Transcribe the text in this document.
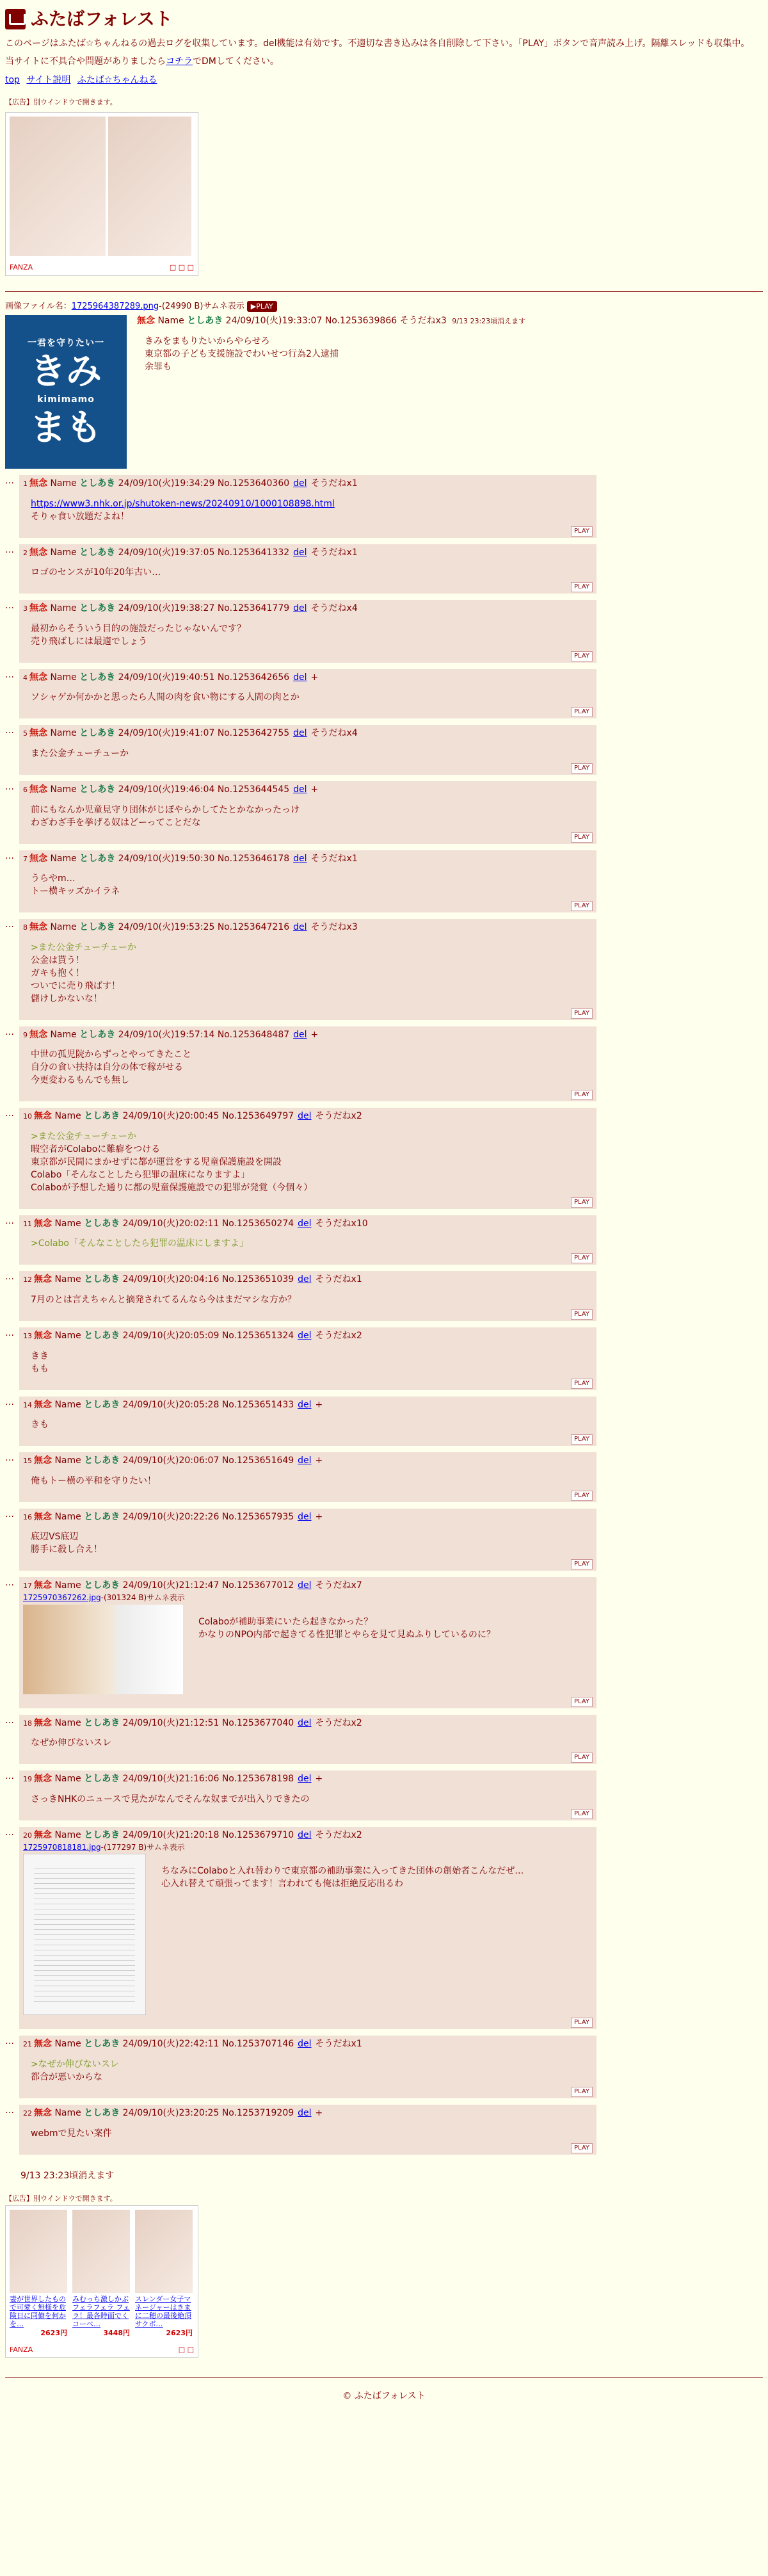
ふたばフォレスト

このページはふたば☆ちゃんねるの過去ログを収集しています。del機能は有効です。不適切な書き込みは各自削除して下さい。「PLAY」ボタンで音声読み上げ。隔離スレッドも収集中。

当サイトに不具合や問題がありましたらコチラでDMしてください。

top サイト説明 ふたば☆ちゃんねる
【広告】別ウインドウで開きます。
FANZA	□ □ □
画像ファイル名：1725964387289.png-(24990 B)サムネ表示 ▶PLAY
一君を守りたい一
きみ
kimimamo
まも
無念 Name としあき 24/09/10(火)19:33:07 No.1253639866 そうだねx3 9/13 23:23頃消えます
きみをまもりたいからやらせろ
東京都の子ども支援施設でわいせつ行為2人逮捕
余罪も
…	1 無念 Name としあき 24/09/10(火)19:34:29 No.1253640360 del そうだねx1
https://www3.nhk.or.jp/shutoken-news/20240910/1000108898.html
そりゃ食い放題だよね！
PLAY
…	2 無念 Name としあき 24/09/10(火)19:37:05 No.1253641332 del そうだねx1
ロゴのセンスが10年20年古い…
PLAY
…	3 無念 Name としあき 24/09/10(火)19:38:27 No.1253641779 del そうだねx4
最初からそういう目的の施設だったじゃないんです？
売り飛ばしには最適でしょう
PLAY
…	4 無念 Name としあき 24/09/10(火)19:40:51 No.1253642656 del +
ソシャゲか何かかと思ったら人間の肉を食い物にする人間の肉とか
PLAY
…	5 無念 Name としあき 24/09/10(火)19:41:07 No.1253642755 del そうだねx4
また公金チューチューか
PLAY
…	6 無念 Name としあき 24/09/10(火)19:46:04 No.1253644545 del +
前にもなんか児童見守り団体がじぽやらかしてたとかなかったっけ
わざわざ手を挙げる奴はどーってことだな
PLAY
…	7 無念 Name としあき 24/09/10(火)19:50:30 No.1253646178 del そうだねx1
うらやm…
トー横キッズかイラネ
PLAY
…	8 無念 Name としあき 24/09/10(火)19:53:25 No.1253647216 del そうだねx3
>また公金チューチューか
公金は貰う！
ガキも抱く！
ついでに売り飛ばす！
儲けしかないな！
PLAY
…	9 無念 Name としあき 24/09/10(火)19:57:14 No.1253648487 del +
中世の孤児院からずっとやってきたこと
自分の食い扶持は自分の体で稼がせる
今更変わるもんでも無し
PLAY
…	10 無念 Name としあき 24/09/10(火)20:00:45 No.1253649797 del そうだねx2
>また公金チューチューか
暇空者がColaboに難癖をつける
東京都が民間にまかせずに都が運営をする児童保護施設を開設
Colabo「そんなことしたら犯罪の温床になりますよ」
Colaboが予想した通りに都の児童保護施設での犯罪が発覚（今個々）
PLAY
…	11 無念 Name としあき 24/09/10(火)20:02:11 No.1253650274 del そうだねx10
>Colabo「そんなことしたら犯罪の温床にしますよ」
PLAY
…	12 無念 Name としあき 24/09/10(火)20:04:16 No.1253651039 del そうだねx1
7月のとは言えちゃんと摘発されてるんなら今はまだマシな方か？
PLAY
…	13 無念 Name としあき 24/09/10(火)20:05:09 No.1253651324 del そうだねx2
きき
もも
PLAY
…	14 無念 Name としあき 24/09/10(火)20:05:28 No.1253651433 del +
きも
PLAY
…	15 無念 Name としあき 24/09/10(火)20:06:07 No.1253651649 del +
俺もトー横の平和を守りたい！
PLAY
…	16 無念 Name としあき 24/09/10(火)20:22:26 No.1253657935 del +
底辺VS底辺
勝手に殺し合え！
PLAY
…	17 無念 Name としあき 24/09/10(火)21:12:47 No.1253677012 del そうだねx7
1725970367262.jpg-(301324 B)サムネ表示
Colaboが補助事業にいたら起きなかった？
かなりのNPO内部で起きてる性犯罪とやらを見て見ぬふりしているのに？
PLAY
…	18 無念 Name としあき 24/09/10(火)21:12:51 No.1253677040 del そうだねx2
なぜか伸びないスレ
PLAY
…	19 無念 Name としあき 24/09/10(火)21:16:06 No.1253678198 del +
さっきNHKのニュースで見たがなんでそんな奴までが出入りできたの
PLAY
…	20 無念 Name としあき 24/09/10(火)21:20:18 No.1253679710 del そうだねx2
1725970818181.jpg-(177297 B)サムネ表示
ちなみにColaboと入れ替わりで東京都の補助事業に入ってきた団体の創始者こんなだぜ…
心入れ替えて頑張ってます！言われても俺は拒絶反応出るわ
PLAY
…	21 無念 Name としあき 24/09/10(火)22:42:11 No.1253707146 del そうだねx1
>なぜか伸びないスレ
都合が悪いからな
PLAY
…	22 無念 Name としあき 24/09/10(火)23:20:25 No.1253719209 del +
webmで見たい案件
PLAY
9/13 23:23頃消えます
【広告】別ウインドウで開きます。
妻が世界したもので可愛く無様を危険日に同僚を何かを…
2623円
みむっち激しかぶフェラフェラ フェラ！最各時面でくコーべ…
3448円
スレンダー女子マネージャーはきまに二穂の最後絶頂サクボ…
2623円
FANZA	□ □
© ふたばフォレスト
